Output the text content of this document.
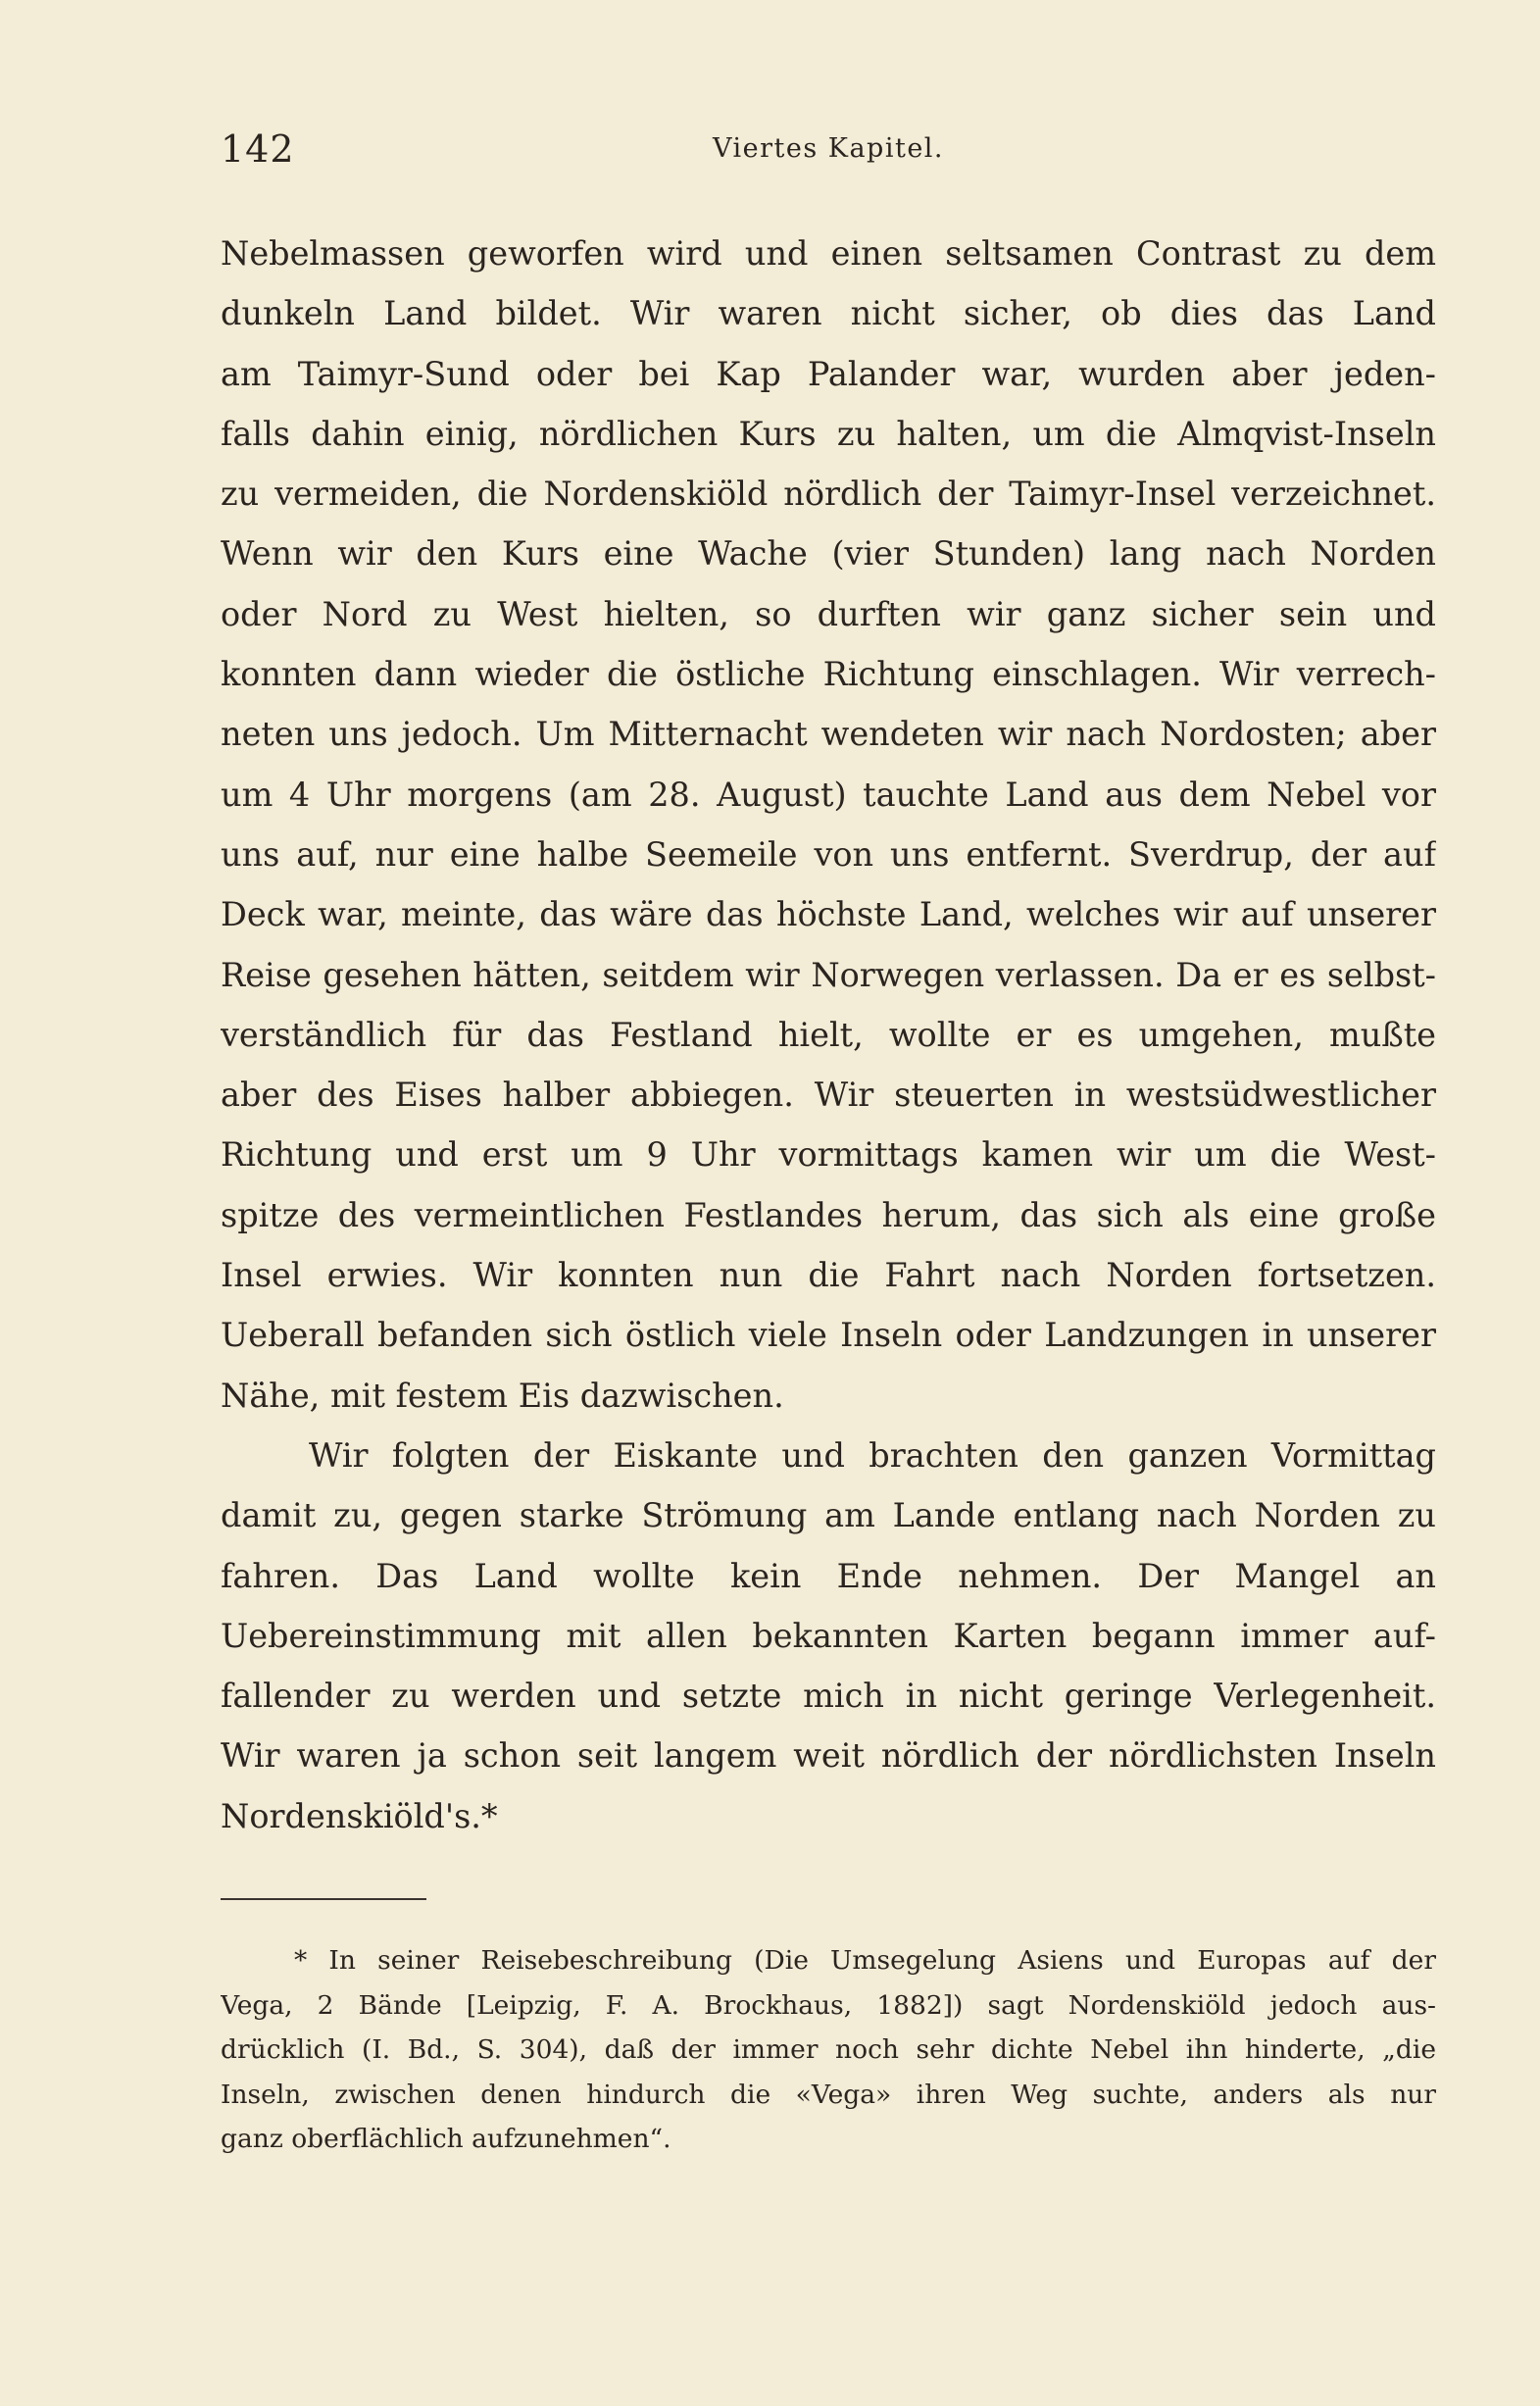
142	Viertes Kapitel.
Nebelmassen geworfen wird und einen seltsamen Contrast zu dem
dunkeln Land bildet. Wir waren nicht sicher, ob dies das Land
am Taimyr-Sund oder bei Kap Palander war, wurden aber jeden-
falls dahin einig, nördlichen Kurs zu halten, um die Almqvist-Inseln
zu vermeiden, die Nordenskiöld nördlich der Taimyr-Insel verzeichnet.
Wenn wir den Kurs eine Wache (vier Stunden) lang nach Norden
oder Nord zu West hielten, so durften wir ganz sicher sein und
konnten dann wieder die östliche Richtung einschlagen. Wir verrech-
neten uns jedoch. Um Mitternacht wendeten wir nach Nordosten; aber
um 4 Uhr morgens (am 28. August) tauchte Land aus dem Nebel vor
uns auf, nur eine halbe Seemeile von uns entfernt. Sverdrup, der auf
Deck war, meinte, das wäre das höchste Land, welches wir auf unserer
Reise gesehen hätten, seitdem wir Norwegen verlassen. Da er es selbst-
verständlich für das Festland hielt, wollte er es umgehen, mußte
aber des Eises halber abbiegen. Wir steuerten in westsüdwestlicher
Richtung und erst um 9 Uhr vormittags kamen wir um die West-
spitze des vermeintlichen Festlandes herum, das sich als eine große
Insel erwies. Wir konnten nun die Fahrt nach Norden fortsetzen.
Ueberall befanden sich östlich viele Inseln oder Landzungen in unserer
Nähe, mit festem Eis dazwischen.
Wir folgten der Eiskante und brachten den ganzen Vormittag
damit zu, gegen starke Strömung am Lande entlang nach Norden zu
fahren. Das Land wollte kein Ende nehmen. Der Mangel an
Uebereinstimmung mit allen bekannten Karten begann immer auf-
fallender zu werden und setzte mich in nicht geringe Verlegenheit.
Wir waren ja schon seit langem weit nördlich der nördlichsten Inseln
Nordenskiöld's.*
* In seiner Reisebeschreibung (Die Umsegelung Asiens und Europas auf der
Vega, 2 Bände [Leipzig, F. A. Brockhaus, 1882]) sagt Nordenskiöld jedoch aus-
drücklich (I. Bd., S. 304), daß der immer noch sehr dichte Nebel ihn hinderte, „die
Inseln, zwischen denen hindurch die «Vega» ihren Weg suchte, anders als nur
ganz oberflächlich aufzunehmen“.
